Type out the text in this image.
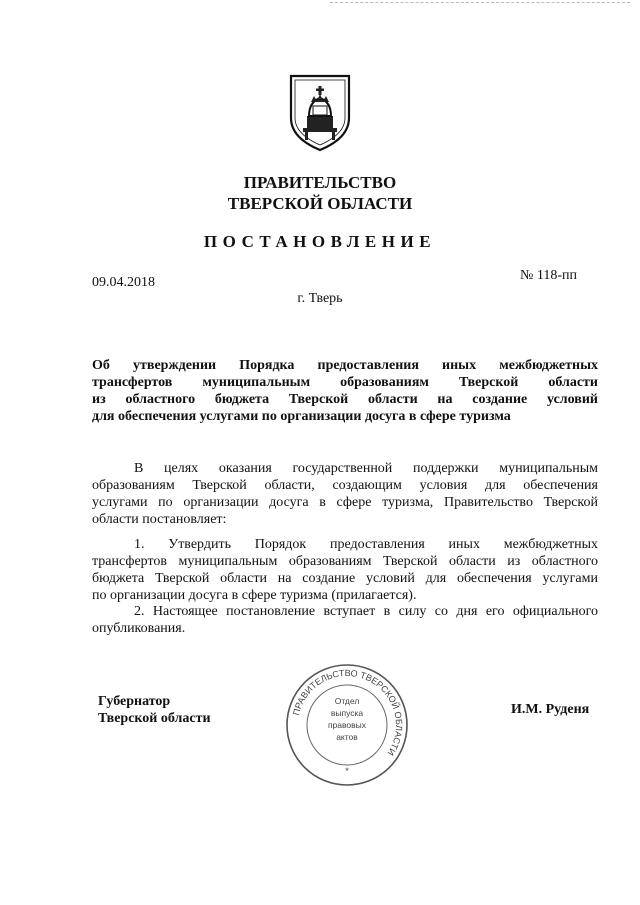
ПРАВИТЕЛЬСТВО
ТВЕРСКОЙ ОБЛАСТИ
ПОСТАНОВЛЕНИЕ
09.04.2018	№ 118-пп
г. Тверь
Об утверждении Порядка предоставления иных межбюджетных
трансфертов муниципальным образованиям Тверской области
из областного бюджета Тверской области на создание условий
для обеспечения услугами по организации досуга в сфере туризма
В целях оказания государственной поддержки муниципальным
образованиям Тверской области, создающим условия для обеспечения
услугами по организации досуга в сфере туризма, Правительство Тверской
области постановляет:
1. Утвердить Порядок предоставления иных межбюджетных
трансфертов муниципальным образованиям Тверской области из областного
бюджета Тверской области на создание условий для обеспечения услугами
по организации досуга в сфере туризма (прилагается).
2. Настоящее постановление вступает в силу со дня его официального
опубликования.
Губернатор
Тверской области
И.М. Руденя
ПРАВИТЕЛЬСТВО ТВЕРСКОЙ ОБЛАСТИ
*
Отдел
выпуска
правовых
актов
